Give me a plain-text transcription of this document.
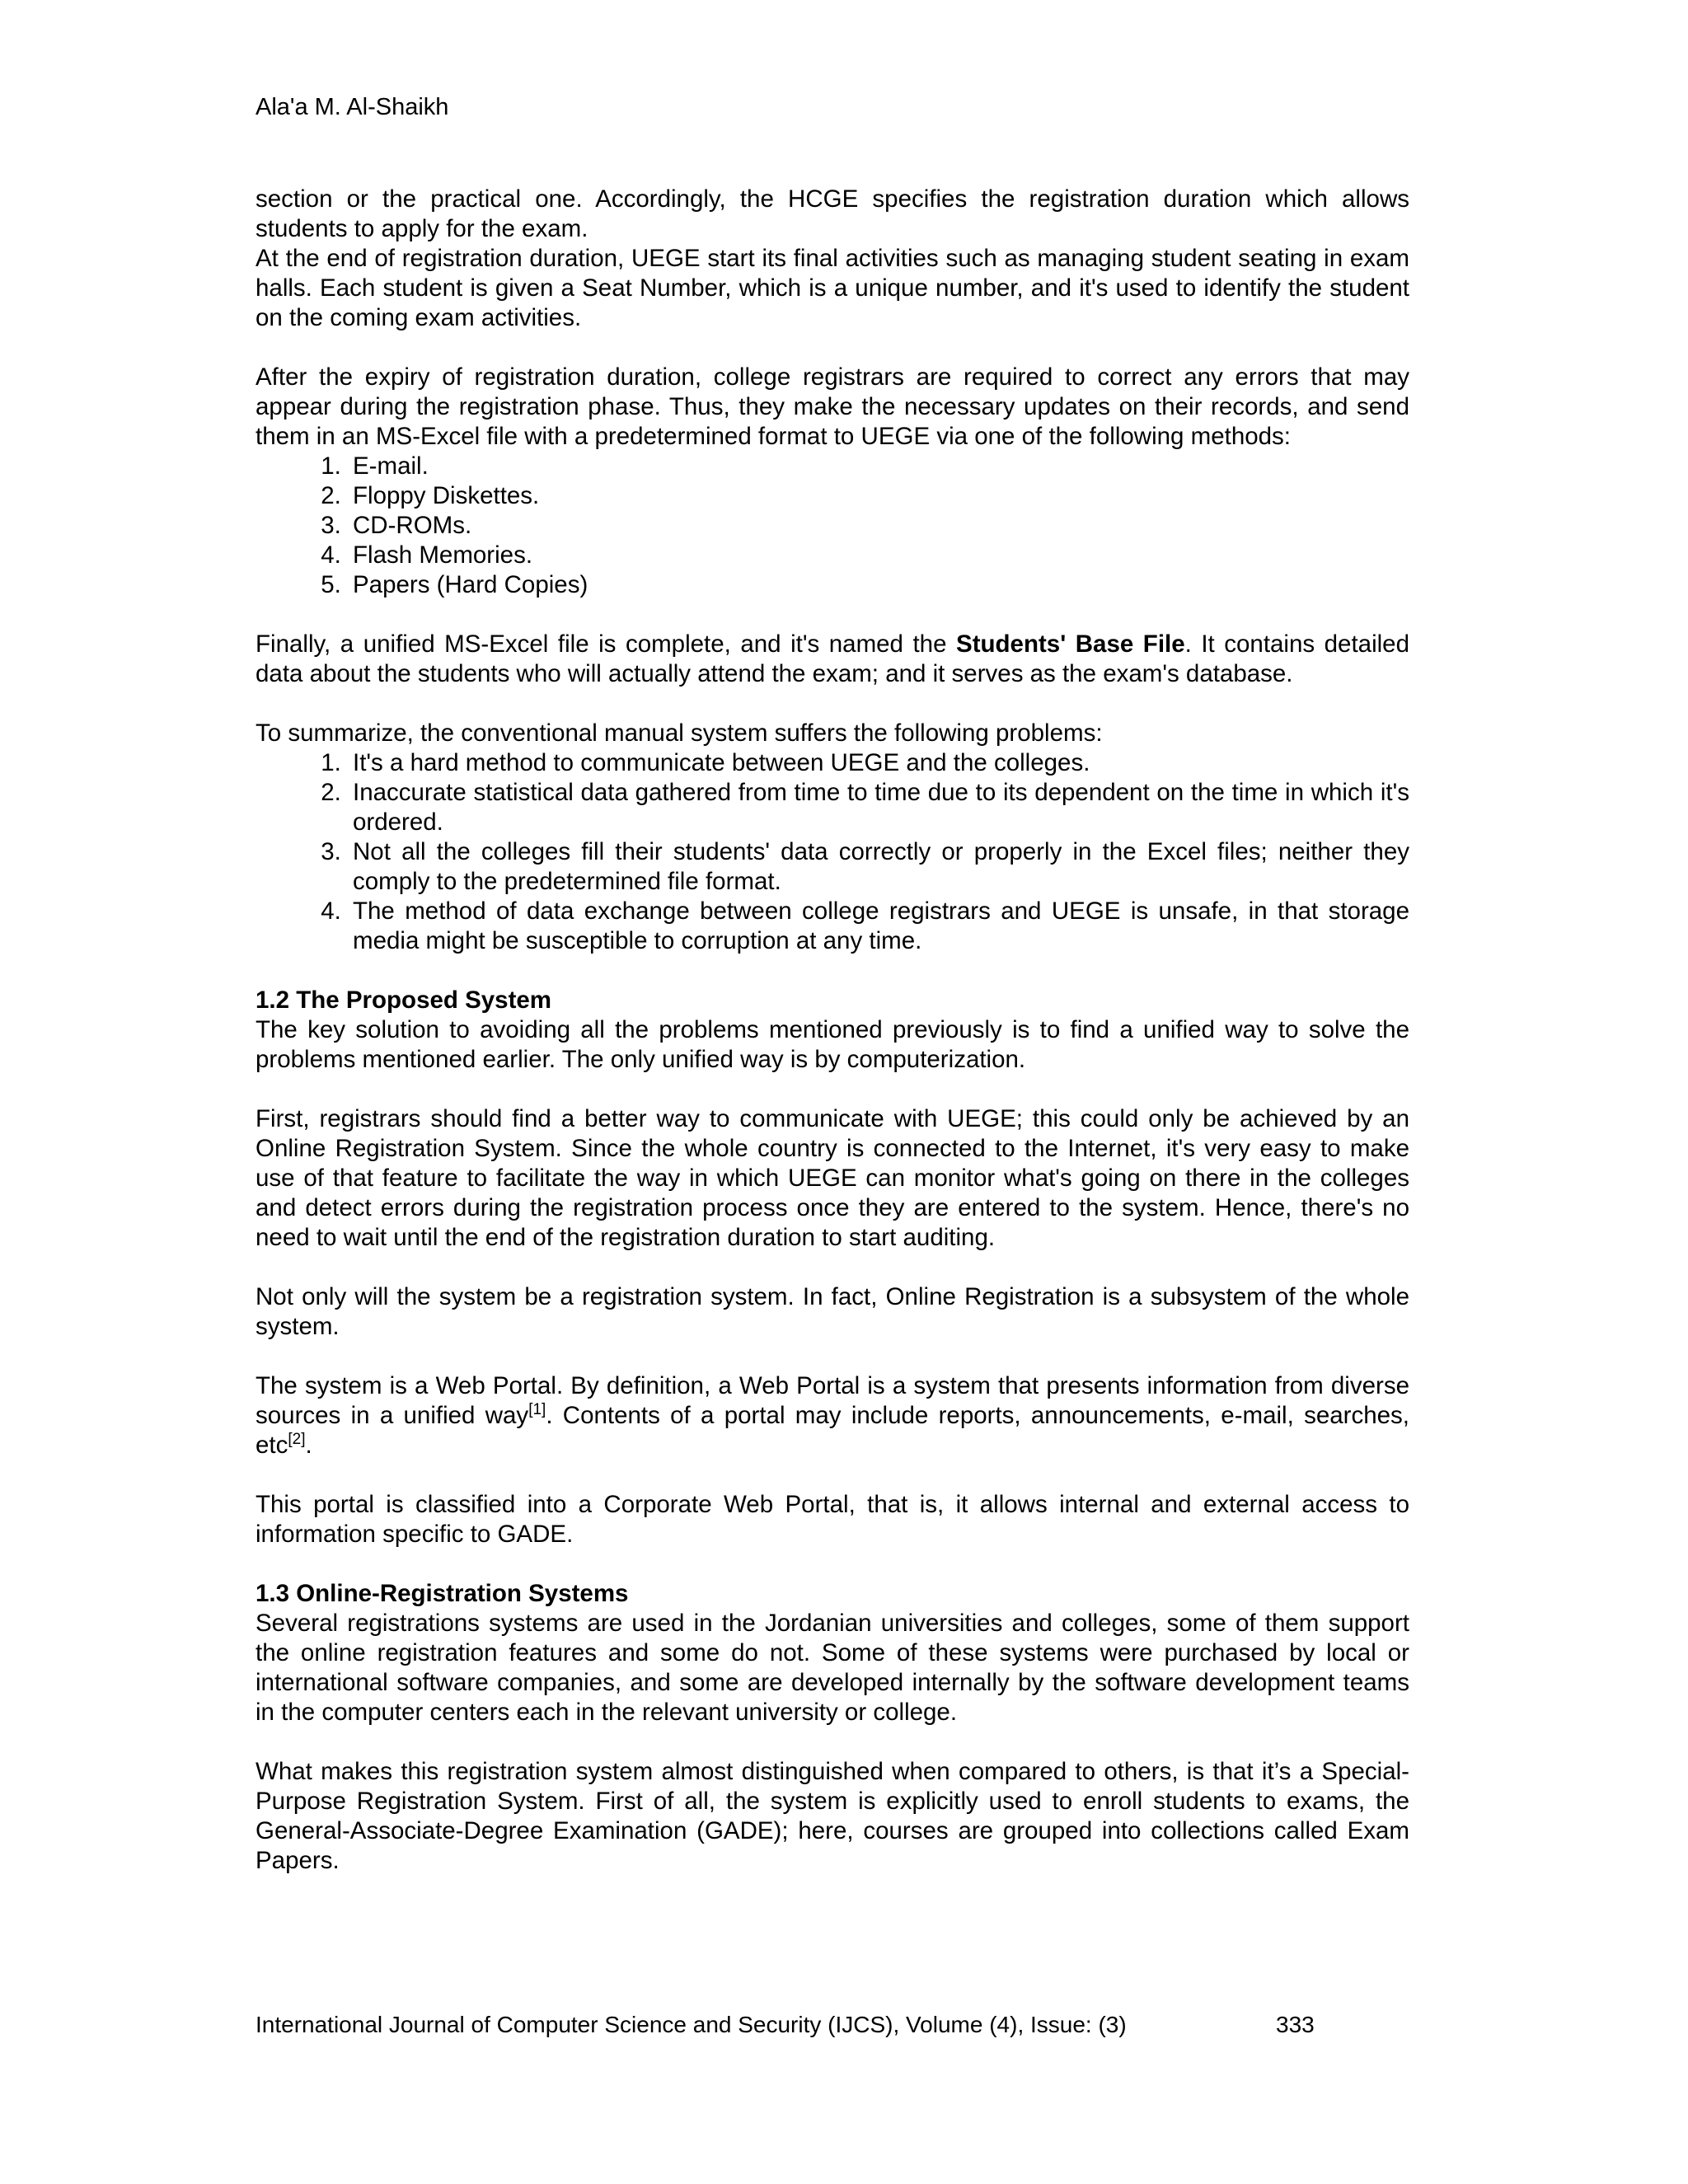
Ala'a M. Al-Shaikh

section or the practical one. Accordingly, the HCGE specifies the registration duration which allows students to apply for the exam.

At the end of registration duration, UEGE start its final activities such as managing student seating in exam halls. Each student is given a Seat Number, which is a unique number, and it's used to identify the student on the coming exam activities.

After the expiry of registration duration, college registrars are required to correct any errors that may appear during the registration phase. Thus, they make the necessary updates on their records, and send them in an MS-Excel file with a predetermined format to UEGE via one of the following methods:

1. E-mail.
2. Floppy Diskettes.
3. CD-ROMs.
4. Flash Memories.
5. Papers (Hard Copies)

Finally, a unified MS-Excel file is complete, and it's named the Students' Base File. It contains detailed data about the students who will actually attend the exam; and it serves as the exam's database.

To summarize, the conventional manual system suffers the following problems:

1. It's a hard method to communicate between UEGE and the colleges.
2. Inaccurate statistical data gathered from time to time due to its dependent on the time in which it's ordered.
3. Not all the colleges fill their students' data correctly or properly in the Excel files; neither they comply to the predetermined file format.
4. The method of data exchange between college registrars and UEGE is unsafe, in that storage media might be susceptible to corruption at any time.
1.2 The Proposed System

The key solution to avoiding all the problems mentioned previously is to find a unified way to solve the problems mentioned earlier. The only unified way is by computerization.

First, registrars should find a better way to communicate with UEGE; this could only be achieved by an Online Registration System. Since the whole country is connected to the Internet, it's very easy to make use of that feature to facilitate the way in which UEGE can monitor what's going on there in the colleges and detect errors during the registration process once they are entered to the system. Hence, there's no need to wait until the end of the registration duration to start auditing.

Not only will the system be a registration system. In fact, Online Registration is a subsystem of the whole system.

The system is a Web Portal. By definition, a Web Portal is a system that presents information from diverse sources in a unified way[1]. Contents of a portal may include reports, announcements, e-mail, searches, etc[2].

This portal is classified into a Corporate Web Portal, that is, it allows internal and external access to information specific to GADE.

1.3 Online-Registration Systems

Several registrations systems are used in the Jordanian universities and colleges, some of them support the online registration features and some do not. Some of these systems were purchased by local or international software companies, and some are developed internally by the software development teams in the computer centers each in the relevant university or college.

What makes this registration system almost distinguished when compared to others, is that it’s a Special-Purpose Registration System. First of all, the system is explicitly used to enroll students to exams, the General-Associate-Degree Examination (GADE); here, courses are grouped into collections called Exam Papers.

International Journal of Computer Science and Security (IJCS), Volume (4), Issue: (3)	333
